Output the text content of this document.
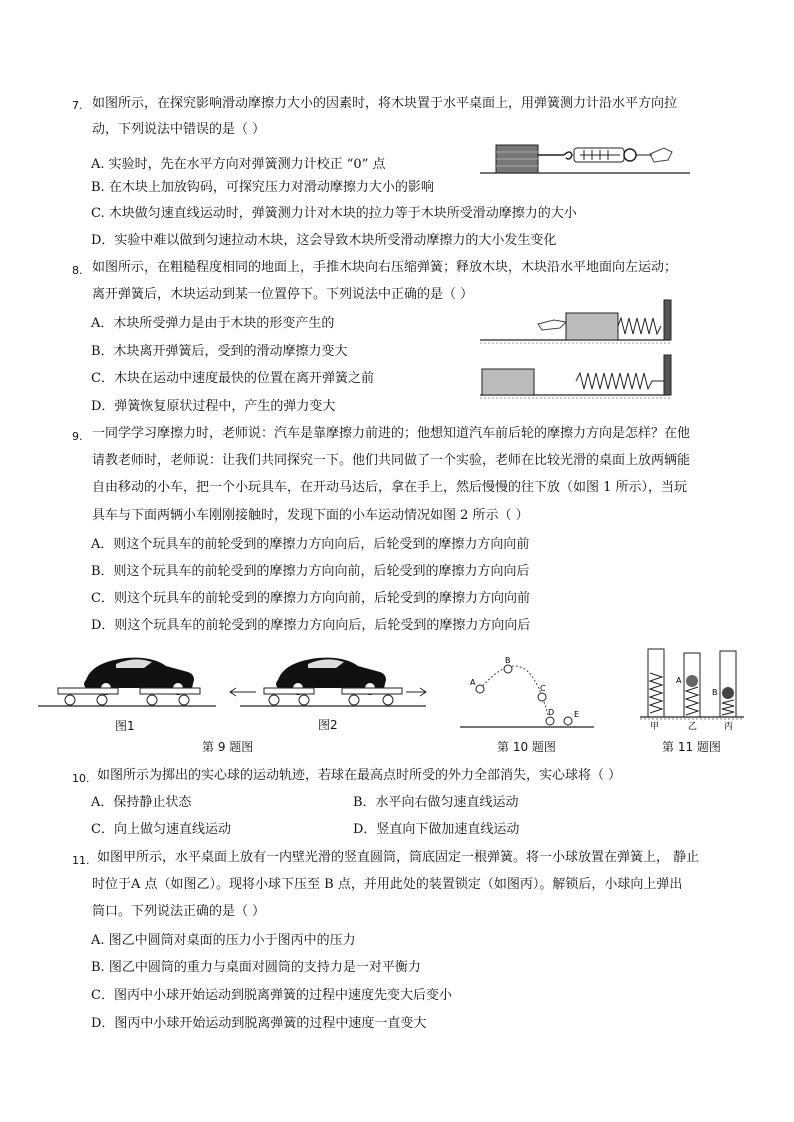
7. 如图所示，在探究影响滑动摩擦力大小的因素时，将木块置于水平桌面上，用弹簧测力计沿水平方向拉
动，下列说法中错误的是（ ）
A. 实验时，先在水平方向对弹簧测力计校正 “0” 点
B. 在木块上加放钩码，可探究压力对滑动摩擦力大小的影响
C. 木块做匀速直线运动时，弹簧测力计对木块的拉力等于木块所受滑动摩擦力的大小
D．实验中难以做到匀速拉动木块，这会导致木块所受滑动摩擦力的大小发生变化
8. 如图所示，在粗糙程度相同的地面上，手推木块向右压缩弹簧；释放木块，木块沿水平地面向左运动；
离开弹簧后，木块运动到某一位置停下。下列说法中正确的是（ ）
A．木块所受弹力是由于木块的形变产生的
B．木块离开弹簧后，受到的滑动摩擦力变大
C．木块在运动中速度最快的位置在离开弹簧之前
D．弹簧恢复原状过程中，产生的弹力变大
9. 一同学学习摩擦力时，老师说：汽车是靠摩擦力前进的；他想知道汽车前后轮的摩擦力方向是怎样？在他
请教老师时，老师说：让我们共同探究一下。他们共同做了一个实验，老师在比较光滑的桌面上放两辆能
自由移动的小车，把一个小玩具车，在开动马达后，拿在手上，然后慢慢的往下放（如图 1 所示），当玩
具车与下面两辆小车刚刚接触时，发现下面的小车运动情况如图 2 所示（ ）
A．则这个玩具车的前轮受到的摩擦力方向向后，后轮受到的摩擦力方向向前
B．则这个玩具车的前轮受到的摩擦力方向向前，后轮受到的摩擦力方向向后
C．则这个玩具车的前轮受到的摩擦力方向向前，后轮受到的摩擦力方向向前
D．则这个玩具车的前轮受到的摩擦力方向向后，后轮受到的摩擦力方向向后
图1	图2
A
B
C
D E
A
B
甲	乙	丙
第 9 题图	第 10 题图	第 11 题图
10. 如图所示为掷出的实心球的运动轨迹，若球在最高点时所受的外力全部消失，实心球将（ ）
A．保持静止状态	B．水平向右做匀速直线运动
C．向上做匀速直线运动	D．竖直向下做加速直线运动
11. 如图甲所示，水平桌面上放有一内壁光滑的竖直圆筒，筒底固定一根弹簧。将一小球放置在弹簧上， 静止
时位于A 点（如图乙）。现将小球下压至 B 点，并用此处的装置锁定（如图丙）。解锁后，小球向上弹出
筒口。下列说法正确的是（ ）
A. 图乙中圆筒对桌面的压力小于图丙中的压力
B. 图乙中圆筒的重力与桌面对圆筒的支持力是一对平衡力
C．图丙中小球开始运动到脱离弹簧的过程中速度先变大后变小
D．图丙中小球开始运动到脱离弹簧的过程中速度一直变大
